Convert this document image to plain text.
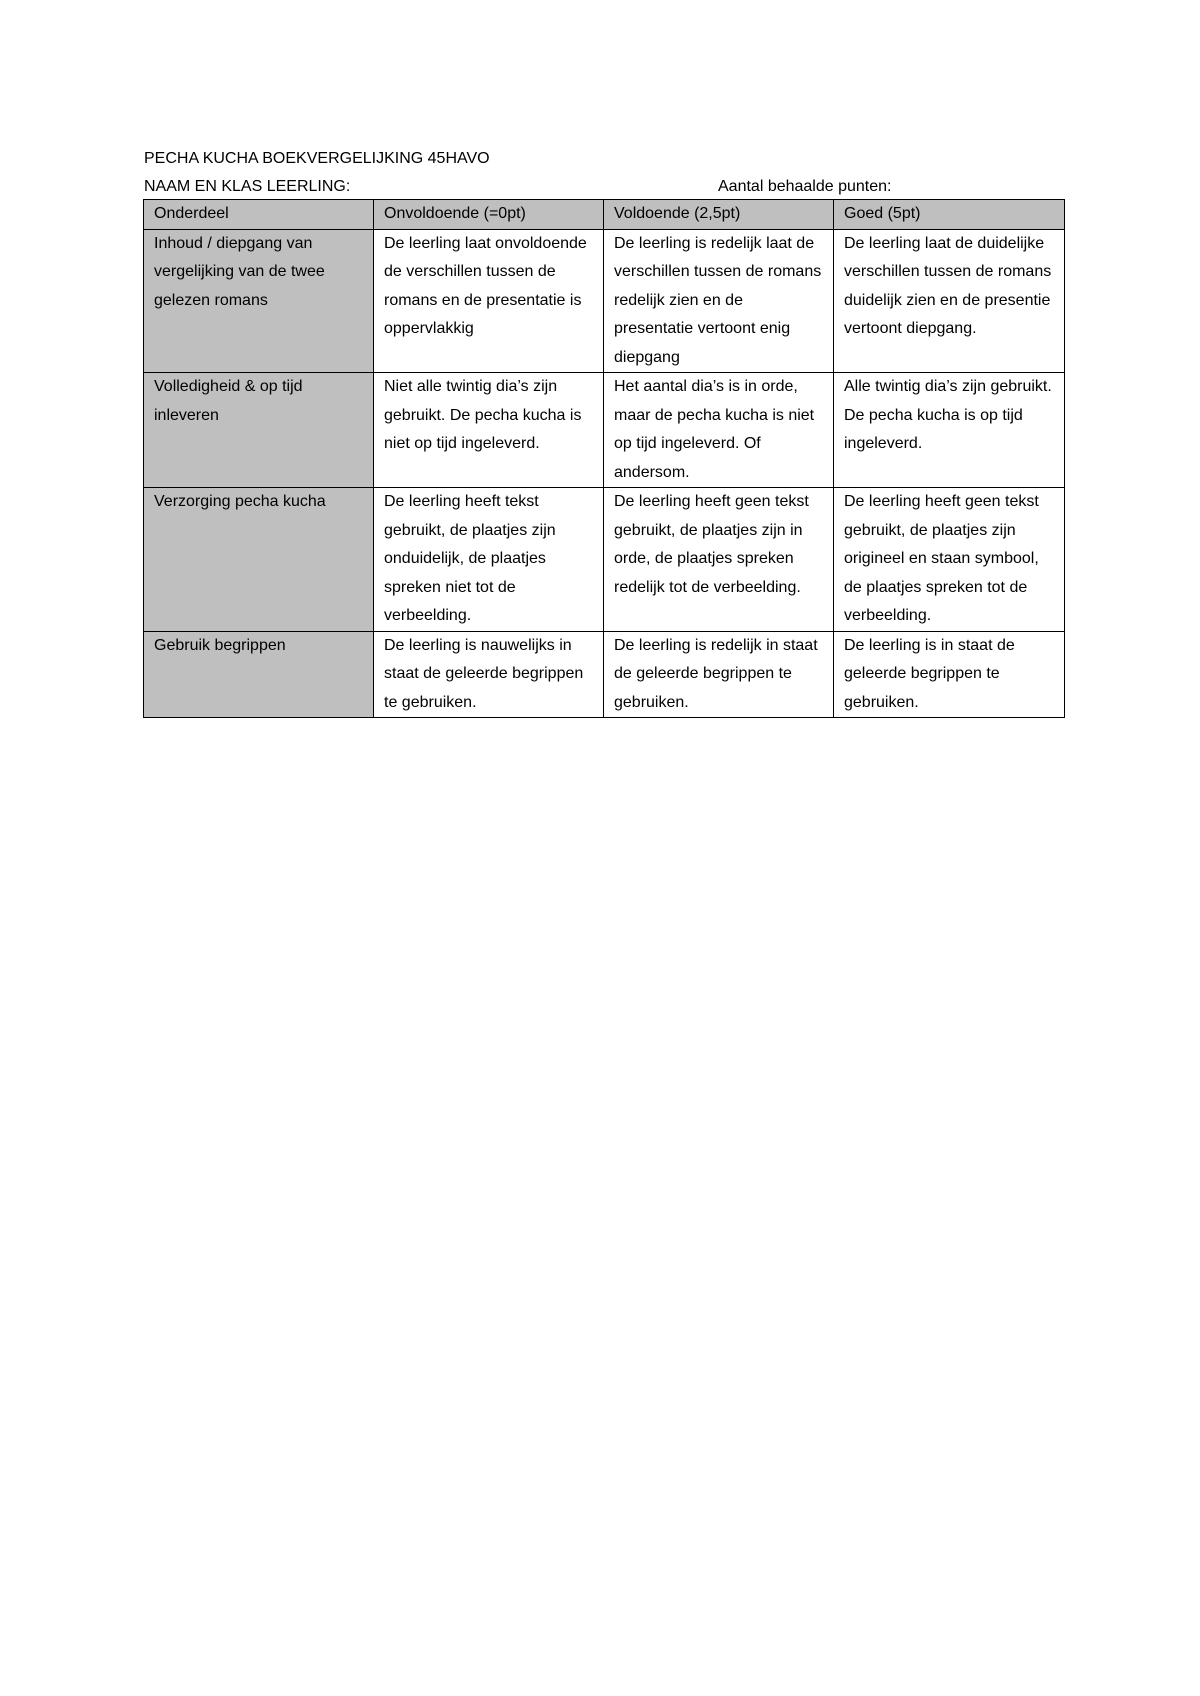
PECHA KUCHA BOEKVERGELIJKING 45HAVO
NAAM EN KLAS LEERLING:	Aantal behaalde punten:
Onderdeel	Onvoldoende (=0pt)	Voldoende (2,5pt)	Goed (5pt)
Inhoud / diepgang van vergelijking van de twee gelezen romans	De leerling laat onvoldoende de verschillen tussen de romans en de presentatie is oppervlakkig	De leerling is redelijk laat de verschillen tussen de romans redelijk zien en de presentatie vertoont enig diepgang	De leerling laat de duidelijke verschillen tussen de romans duidelijk zien en de presentie vertoont diepgang.
Volledigheid & op tijd inleveren	Niet alle twintig dia’s zijn gebruikt. De pecha kucha is niet op tijd ingeleverd.	Het aantal dia’s is in orde, maar de pecha kucha is niet op tijd ingeleverd. Of andersom.	Alle twintig dia’s zijn gebruikt. De pecha kucha is op tijd ingeleverd.
Verzorging pecha kucha	De leerling heeft tekst gebruikt, de plaatjes zijn onduidelijk, de plaatjes spreken niet tot de verbeelding.	De leerling heeft geen tekst gebruikt, de plaatjes zijn in orde, de plaatjes spreken redelijk tot de verbeelding.	De leerling heeft geen tekst gebruikt, de plaatjes zijn origineel en staan symbool, de plaatjes spreken tot de verbeelding.
Gebruik begrippen	De leerling is nauwelijks in staat de geleerde begrippen te gebruiken.	De leerling is redelijk in staat de geleerde begrippen te gebruiken.	De leerling is in staat de geleerde begrippen te gebruiken.
